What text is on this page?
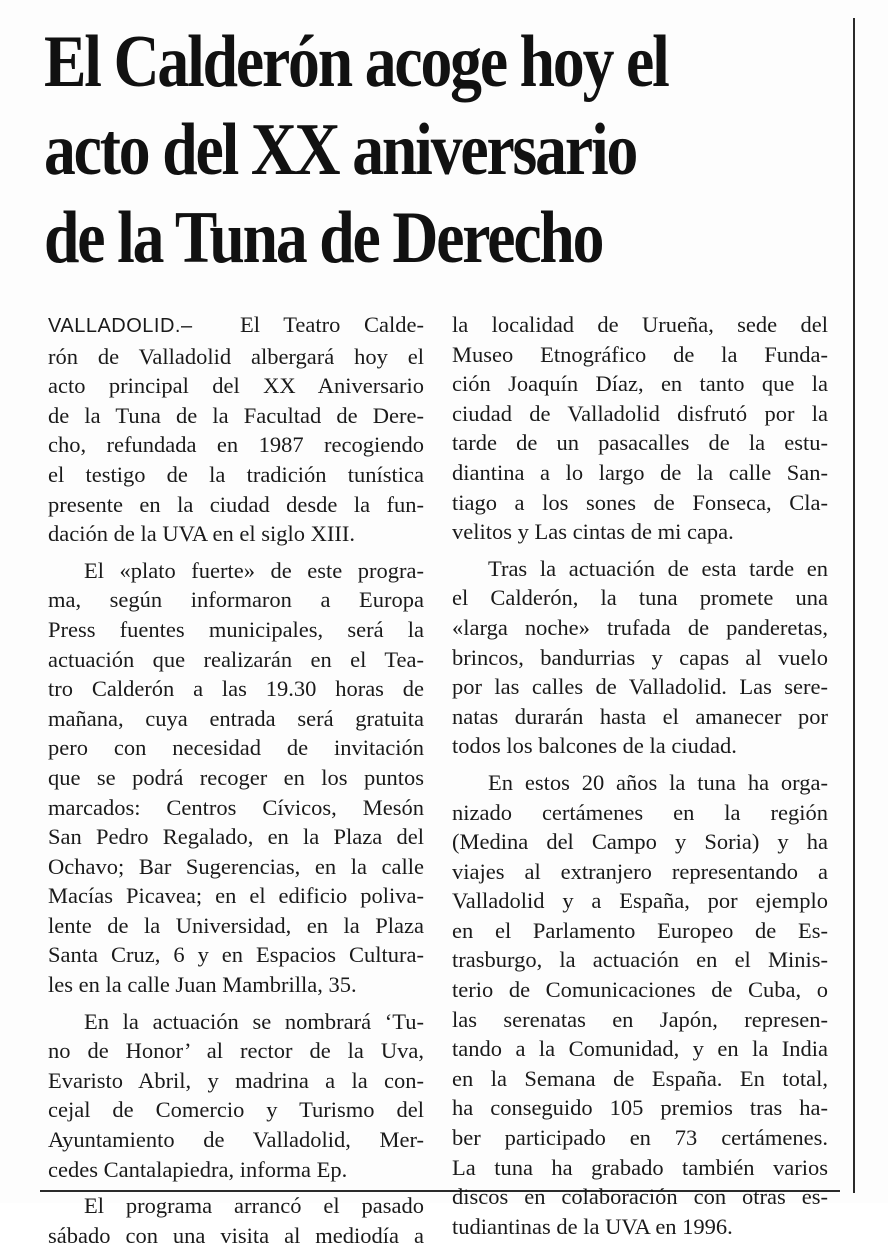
El Calderón acoge hoy el
acto del XX aniversario
de la Tuna de Derecho

VALLADOLID.– El Teatro Calde-
rón de Valladolid albergará hoy el
acto principal del XX Aniversario
de la Tuna de la Facultad de Dere-
cho, refundada en 1987 recogiendo
el testigo de la tradición tunística
presente en la ciudad desde la fun-
dación de la UVA en el siglo XIII.

El «plato fuerte» de este progra-
ma, según informaron a Europa
Press fuentes municipales, será la
actuación que realizarán en el Tea-
tro Calderón a las 19.30 horas de
mañana, cuya entrada será gratuita
pero con necesidad de invitación
que se podrá recoger en los puntos
marcados: Centros Cívicos, Mesón
San Pedro Regalado, en la Plaza del
Ochavo; Bar Sugerencias, en la calle
Macías Picavea; en el edificio poliva-
lente de la Universidad, en la Plaza
Santa Cruz, 6 y en Espacios Cultura-
les en la calle Juan Mambrilla, 35.

En la actuación se nombrará ‘Tu-
no de Honor’ al rector de la Uva,
Evaristo Abril, y madrina a la con-
cejal de Comercio y Turismo del
Ayuntamiento de Valladolid, Mer-
cedes Cantalapiedra, informa Ep.

El programa arrancó el pasado
sábado con una visita al mediodía a

la localidad de Urueña, sede del
Museo Etnográfico de la Funda-
ción Joaquín Díaz, en tanto que la
ciudad de Valladolid disfrutó por la
tarde de un pasacalles de la estu-
diantina a lo largo de la calle San-
tiago a los sones de Fonseca, Cla-
velitos y Las cintas de mi capa.

Tras la actuación de esta tarde en
el Calderón, la tuna promete una
«larga noche» trufada de panderetas,
brincos, bandurrias y capas al vuelo
por las calles de Valladolid. Las sere-
natas durarán hasta el amanecer por
todos los balcones de la ciudad.

En estos 20 años la tuna ha orga-
nizado certámenes en la región
(Medina del Campo y Soria) y ha
viajes al extranjero representando a
Valladolid y a España, por ejemplo
en el Parlamento Europeo de Es-
trasburgo, la actuación en el Minis-
terio de Comunicaciones de Cuba, o
las serenatas en Japón, represen-
tando a la Comunidad, y en la India
en la Semana de España. En total,
ha conseguido 105 premios tras ha-
ber participado en 73 certámenes.
La tuna ha grabado también varios
discos en colaboración con otras es-
tudiantinas de la UVA en 1996.
